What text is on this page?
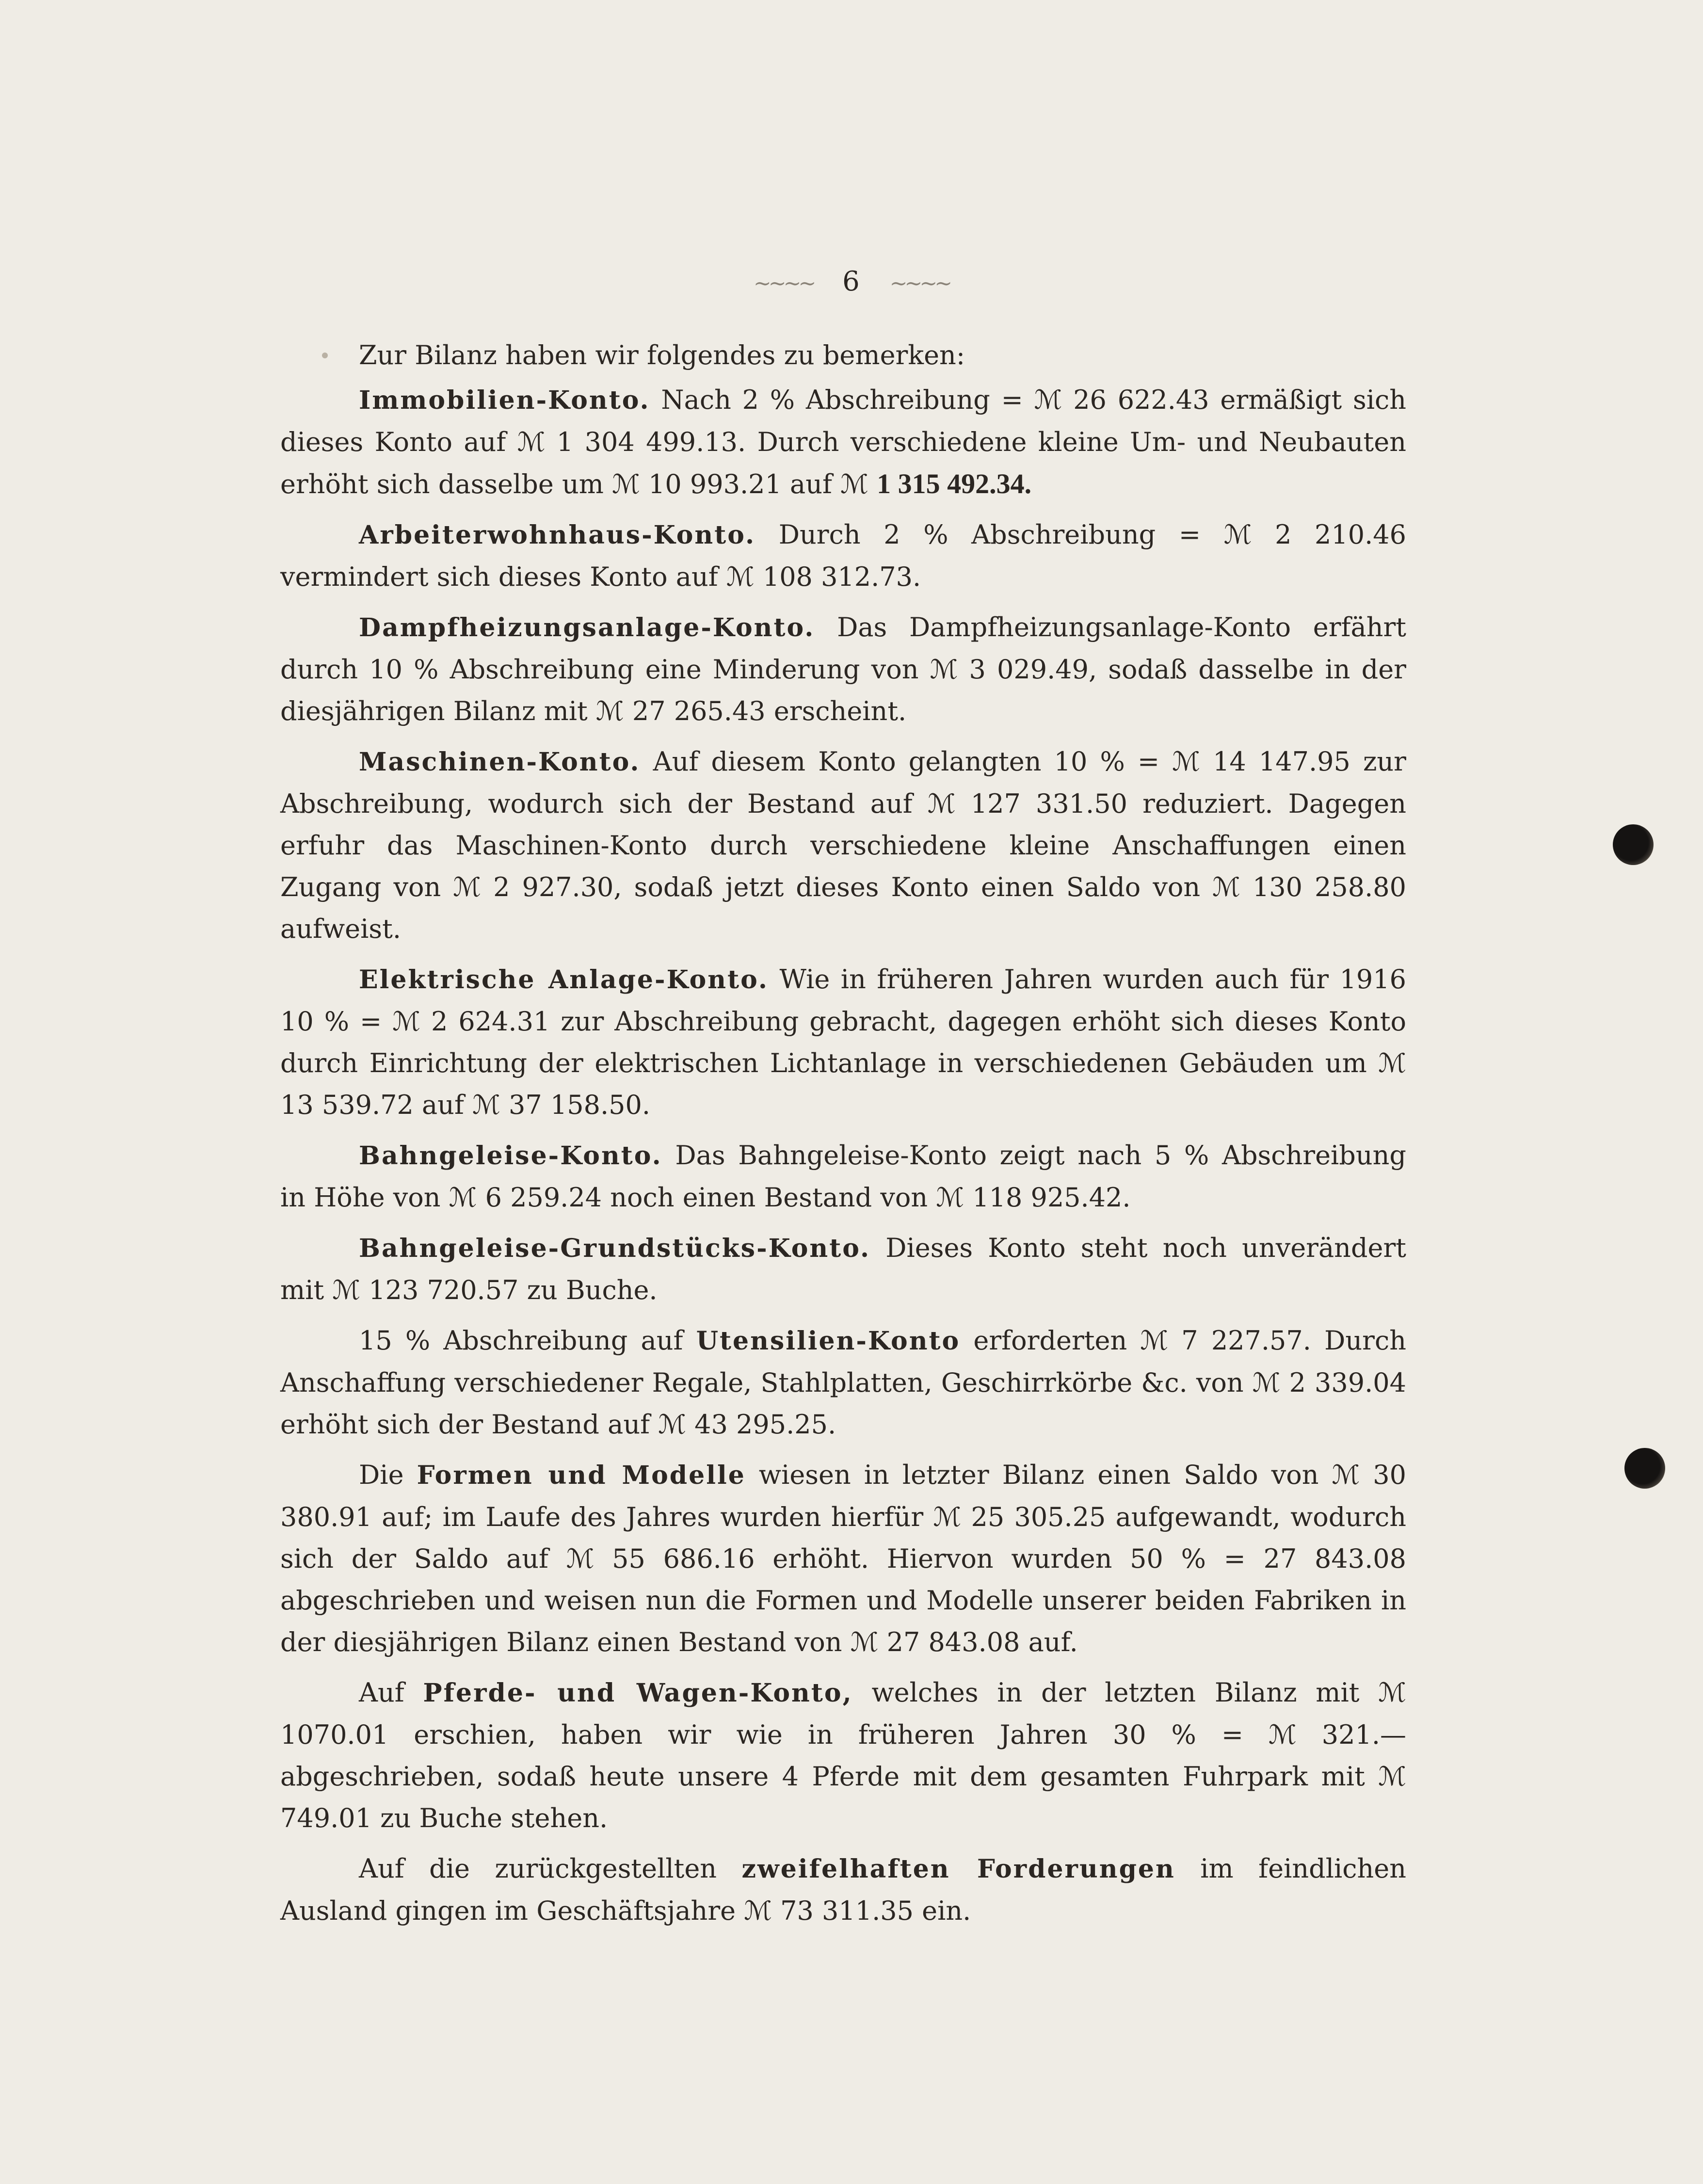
~~~~ 6 ~~~~

Zur Bilanz haben wir folgendes zu bemerken:

Immobilien-Konto. Nach 2 % Abschreibung = ℳ 26 622.43 ermäßigt sich dieses Konto auf ℳ 1 304 499.13. Durch verschiedene kleine Um- und Neubauten erhöht sich dasselbe um ℳ 10 993.21 auf ℳ 1 315 492.34.

Arbeiterwohnhaus-Konto. Durch 2 % Abschreibung = ℳ 2 210.46 vermindert sich dieses Konto auf ℳ 108 312.73.

Dampfheizungsanlage-Konto. Das Dampfheizungsanlage-Konto erfährt durch 10 % Abschreibung eine Minderung von ℳ 3 029.49, sodaß dasselbe in der diesjährigen Bilanz mit ℳ 27 265.43 erscheint.

Maschinen-Konto. Auf diesem Konto gelangten 10 % = ℳ 14 147.95 zur Abschreibung, wodurch sich der Bestand auf ℳ 127 331.50 reduziert. Dagegen erfuhr das Maschinen-Konto durch verschiedene kleine Anschaffungen einen Zugang von ℳ 2 927.30, sodaß jetzt dieses Konto einen Saldo von ℳ 130 258.80 aufweist.

Elektrische Anlage-Konto. Wie in früheren Jahren wurden auch für 1916 10 % = ℳ 2 624.31 zur Abschreibung gebracht, dagegen erhöht sich dieses Konto durch Einrichtung der elektrischen Lichtanlage in verschiedenen Gebäuden um ℳ 13 539.72 auf ℳ 37 158.50.

Bahngeleise-Konto. Das Bahngeleise-Konto zeigt nach 5 % Abschreibung in Höhe von ℳ 6 259.24 noch einen Bestand von ℳ 118 925.42.

Bahngeleise-Grundstücks-Konto. Dieses Konto steht noch unverändert mit ℳ 123 720.57 zu Buche.

15 % Abschreibung auf Utensilien-Konto erforderten ℳ 7 227.57. Durch Anschaffung verschiedener Regale, Stahlplatten, Geschirrkörbe &c. von ℳ 2 339.04 erhöht sich der Bestand auf ℳ 43 295.25.

Die Formen und Modelle wiesen in letzter Bilanz einen Saldo von ℳ 30 380.91 auf; im Laufe des Jahres wurden hierfür ℳ 25 305.25 aufgewandt, wodurch sich der Saldo auf ℳ 55 686.16 erhöht. Hiervon wurden 50 % = 27 843.08 abgeschrieben und weisen nun die Formen und Modelle unserer beiden Fabriken in der diesjährigen Bilanz einen Bestand von ℳ 27 843.08 auf.

Auf Pferde- und Wagen-Konto, welches in der letzten Bilanz mit ℳ 1070.01 erschien, haben wir wie in früheren Jahren 30 % = ℳ 321.— abgeschrieben, sodaß heute unsere 4 Pferde mit dem gesamten Fuhrpark mit ℳ 749.01 zu Buche stehen.

Auf die zurückgestellten zweifelhaften Forderungen im feindlichen Ausland gingen im Geschäftsjahre ℳ 73 311.35 ein.
